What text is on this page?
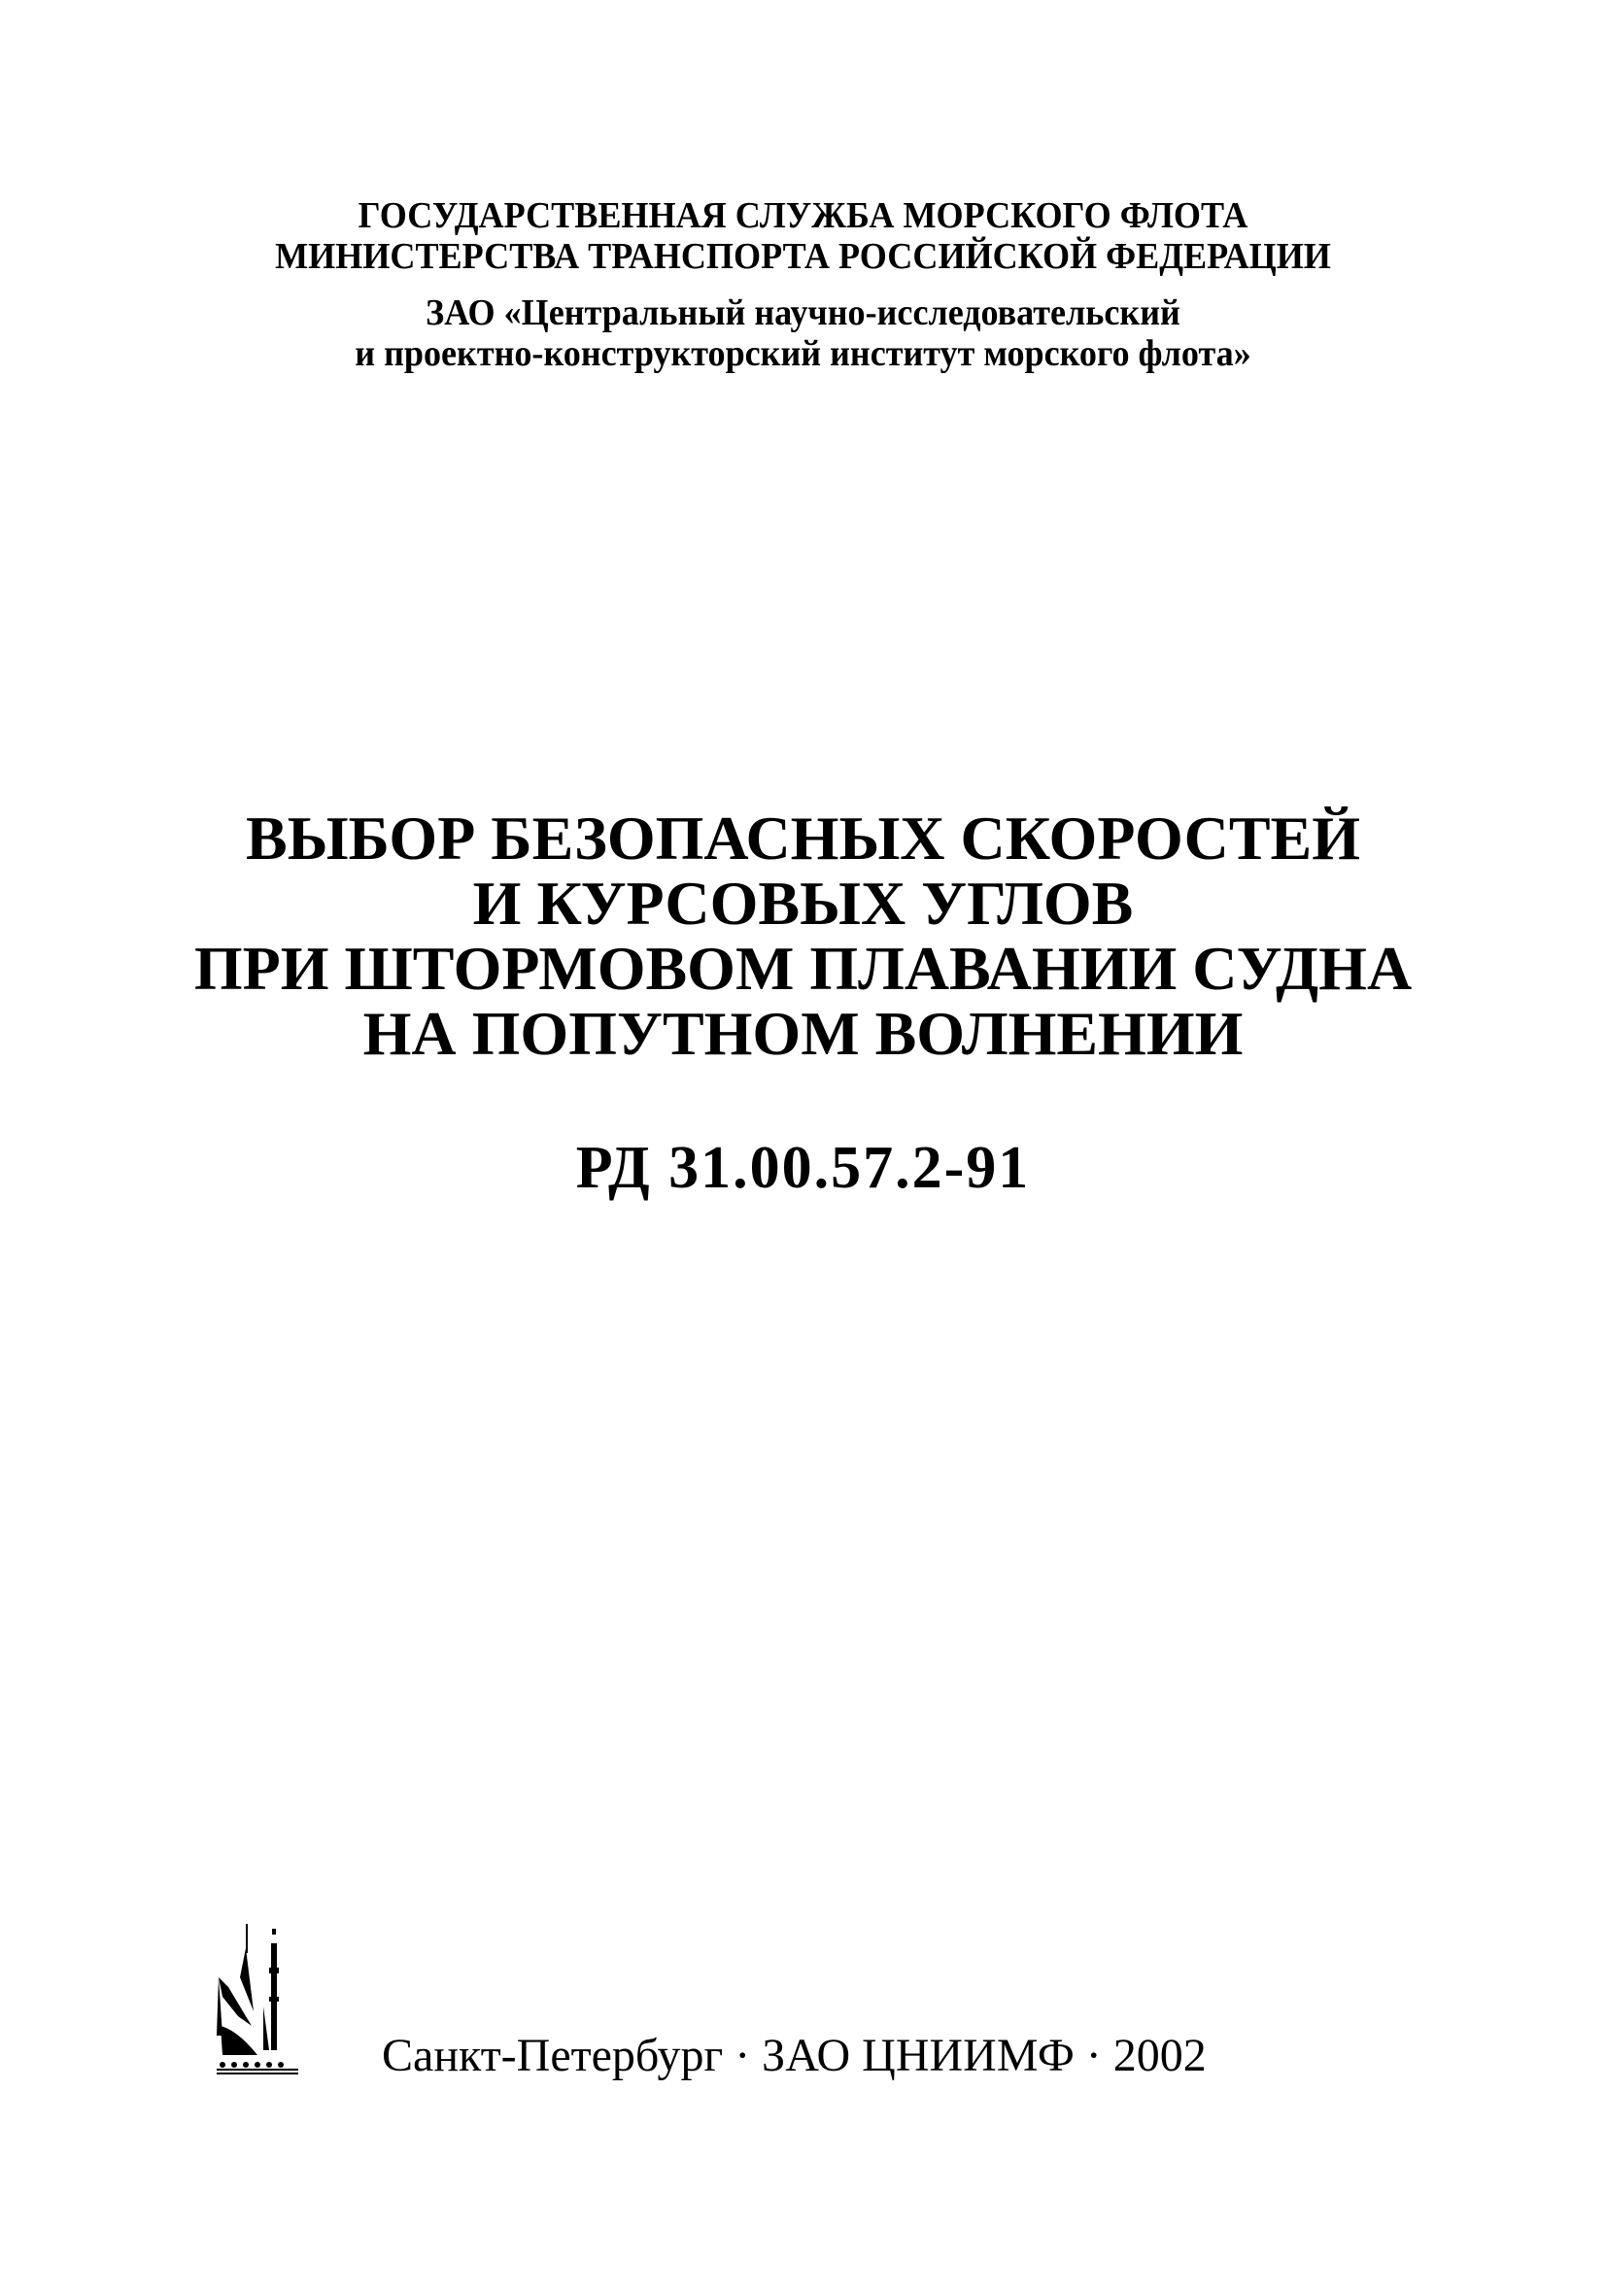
ГОСУДАРСТВЕННАЯ СЛУЖБА МОРСКОГО ФЛОТА
МИНИСТЕРСТВА ТРАНСПОРТА РОССИЙСКОЙ ФЕДЕРАЦИИ
ЗАО «Центральный научно-исследовательский
и проектно-конструкторский институт морского флота»
ВЫБОР БЕЗОПАСНЫХ СКОРОСТЕЙ
И КУРСОВЫХ УГЛОВ
ПРИ ШТОРМОВОМ ПЛАВАНИИ СУДНА
НА ПОПУТНОМ ВОЛНЕНИИ
РД 31.00.57.2-91
Санкт-Петербург · ЗАО ЦНИИМФ · 2002
